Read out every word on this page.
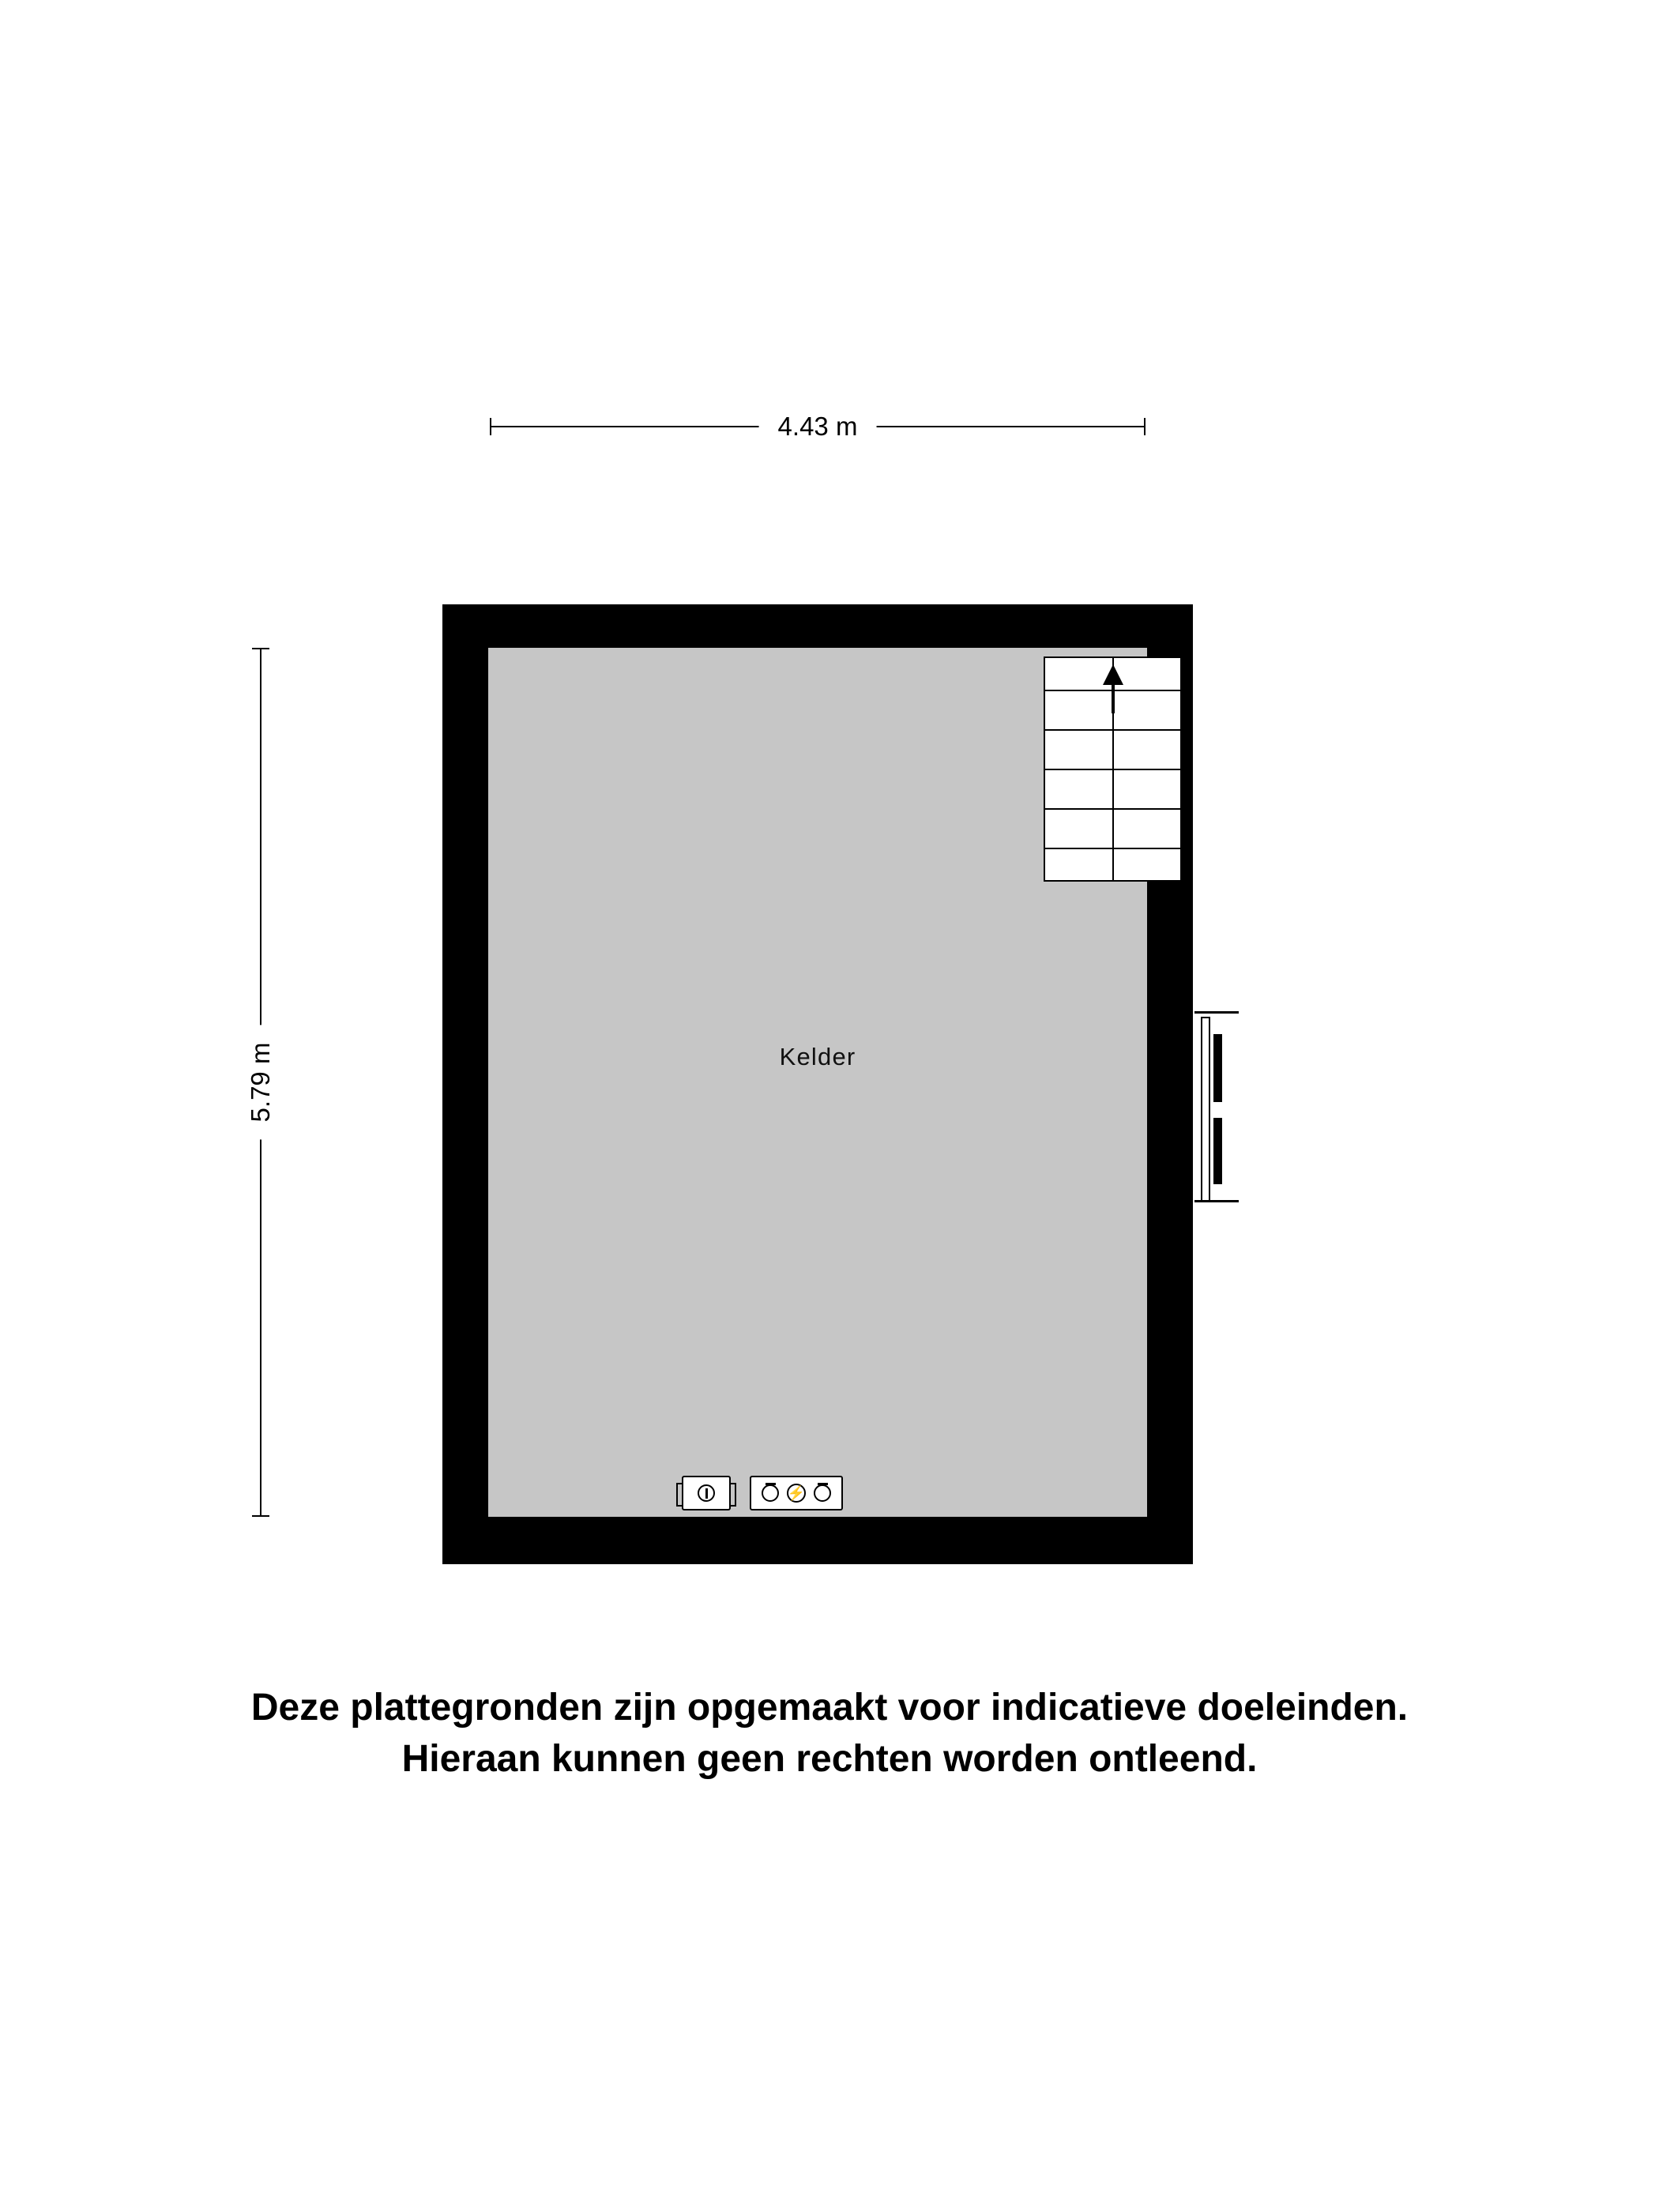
4.43 m
5.79 m	Kelder
⚡
Deze plattegronden zijn opgemaakt voor indicatieve doeleinden.
Hieraan kunnen geen rechten worden ontleend.
